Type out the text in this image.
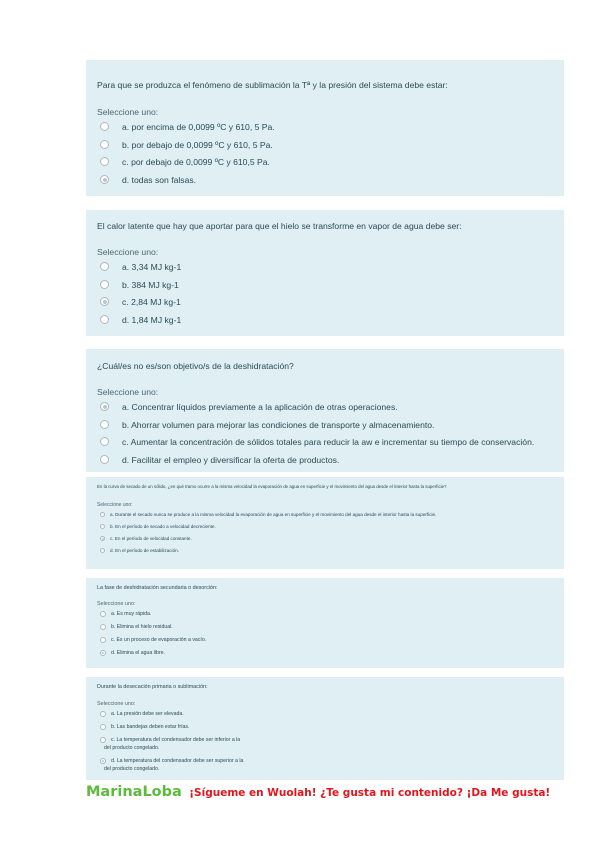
Para que se produzca el fenómeno de sublimación la Tª y la presión del sistema debe estar:
Seleccione uno:
a. por encima de 0,0099 ºC y 610, 5 Pa.
b. por debajo de 0,0099 ºC y 610, 5 Pa.
c. por debajo de 0,0099 ºC y 610,5 Pa.
d. todas son falsas.
El calor latente que hay que aportar para que el hielo se transforme en vapor de agua debe ser:
Seleccione uno:
a. 3,34 MJ kg-1
b. 384 MJ kg-1
c. 2,84 MJ kg-1
d. 1,84 MJ kg-1
¿Cuál/es no es/son objetivo/s de la deshidratación?
Seleccione uno:
a. Concentrar líquidos previamente a la aplicación de otras operaciones.
b. Ahorrar volumen para mejorar las condiciones de transporte y almacenamiento.
c. Aumentar la concentración de sólidos totales para reducir la aw e incrementar su tiempo de conservación.
d. Facilitar el empleo y diversificar la oferta de productos.
En la curva de secado de un sólido, ¿en qué tramo ocurre a la misma velocidad la evaporación de agua en superficie y el movimiento del agua desde el interior hasta la superficie?
Seleccione uno:
a. Durante el secado nunca se produce a la misma velocidad la evaporación de agua en superficie y el movimiento del agua desde el interior hasta la superficie.
b. En el período de secado a velocidad decreciente.
c. En el período de velocidad constante.
d. En el período de estabilización.
La fase de deshidratación secundaria o desorción:
Seleccione uno:
a. Es muy rápida.
b. Elimina el hielo residual.
c. Es un proceso de evaporación a vacío.
d. Elimina el agua libre.
Durante la desecación primaria o sublimación:
Seleccione uno:
a. La presión debe ser elevada.
b. Las bandejas deben estar frías.
c. La temperatura del condensador debe ser inferior a la
del producto congelado.
d. La temperatura del condensador debe ser superior a la
del producto congelado.
MarinaLoba ¡Sígueme en Wuolah! ¿Te gusta mi contenido? ¡Da Me gusta!
